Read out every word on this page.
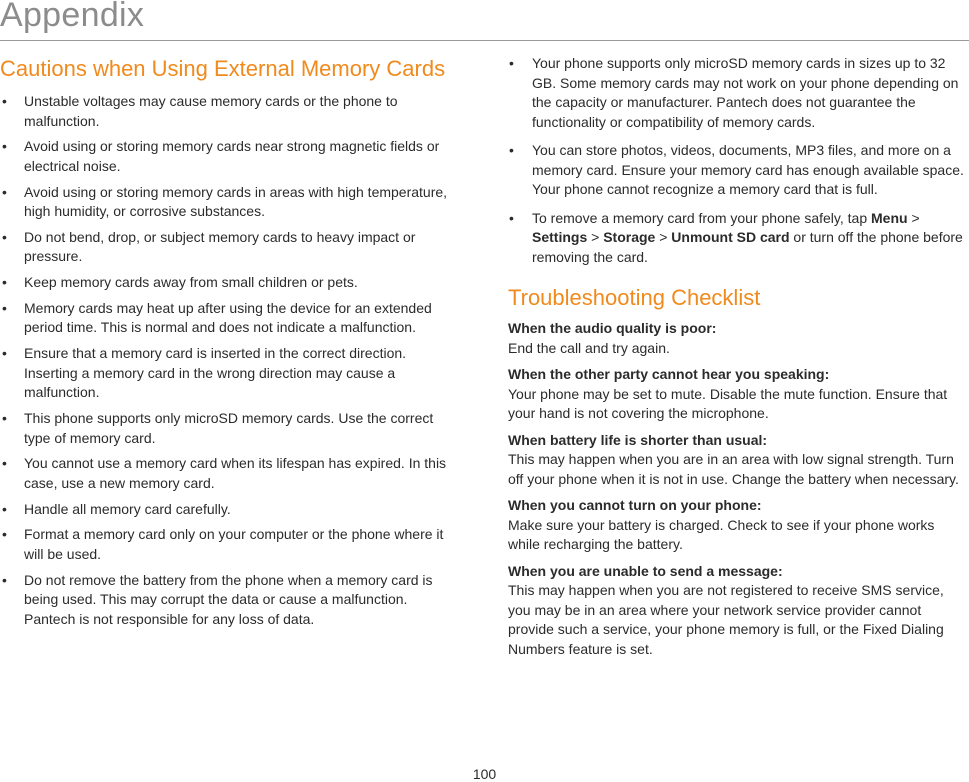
Appendix
Cautions when Using External Memory Cards
• Unstable voltages may cause memory cards or the phone to malfunction.
• Avoid using or storing memory cards near strong magnetic fields or electrical noise.
• Avoid using or storing memory cards in areas with high temperature, high humidity, or corrosive substances.
• Do not bend, drop, or subject memory cards to heavy impact or pressure.
• Keep memory cards away from small children or pets.
• Memory cards may heat up after using the device for an extended period time. This is normal and does not indicate a malfunction.
• Ensure that a memory card is inserted in the correct direction. Inserting a memory card in the wrong direction may cause a malfunction.
• This phone supports only microSD memory cards. Use the correct type of memory card.
• You cannot use a memory card when its lifespan has expired. In this case, use a new memory card.
• Handle all memory card carefully.
• Format a memory card only on your computer or the phone where it will be used.
• Do not remove the battery from the phone when a memory card is being used. This may corrupt the data or cause a malfunction. Pantech is not responsible for any loss of data.
• Your phone supports only microSD memory cards in sizes up to 32 GB. Some memory cards may not work on your phone depending on the capacity or manufacturer. Pantech does not guarantee the functionality or compatibility of memory cards.
• You can store photos, videos, documents, MP3 files, and more on a memory card. Ensure your memory card has enough available space. Your phone cannot recognize a memory card that is full.
• To remove a memory card from your phone safely, tap Menu > Settings > Storage > Unmount SD card or turn off the phone before removing the card.
Troubleshooting Checklist
When the audio quality is poor:
End the call and try again.
When the other party cannot hear you speaking:
Your phone may be set to mute. Disable the mute function. Ensure that your hand is not covering the microphone.
When battery life is shorter than usual:
This may happen when you are in an area with low signal strength. Turn off your phone when it is not in use. Change the battery when necessary.
When you cannot turn on your phone:
Make sure your battery is charged. Check to see if your phone works while recharging the battery.
When you are unable to send a message:
This may happen when you are not registered to receive SMS service, you may be in an area where your network service provider cannot provide such a service, your phone memory is full, or the Fixed Dialing Numbers feature is set.
100
